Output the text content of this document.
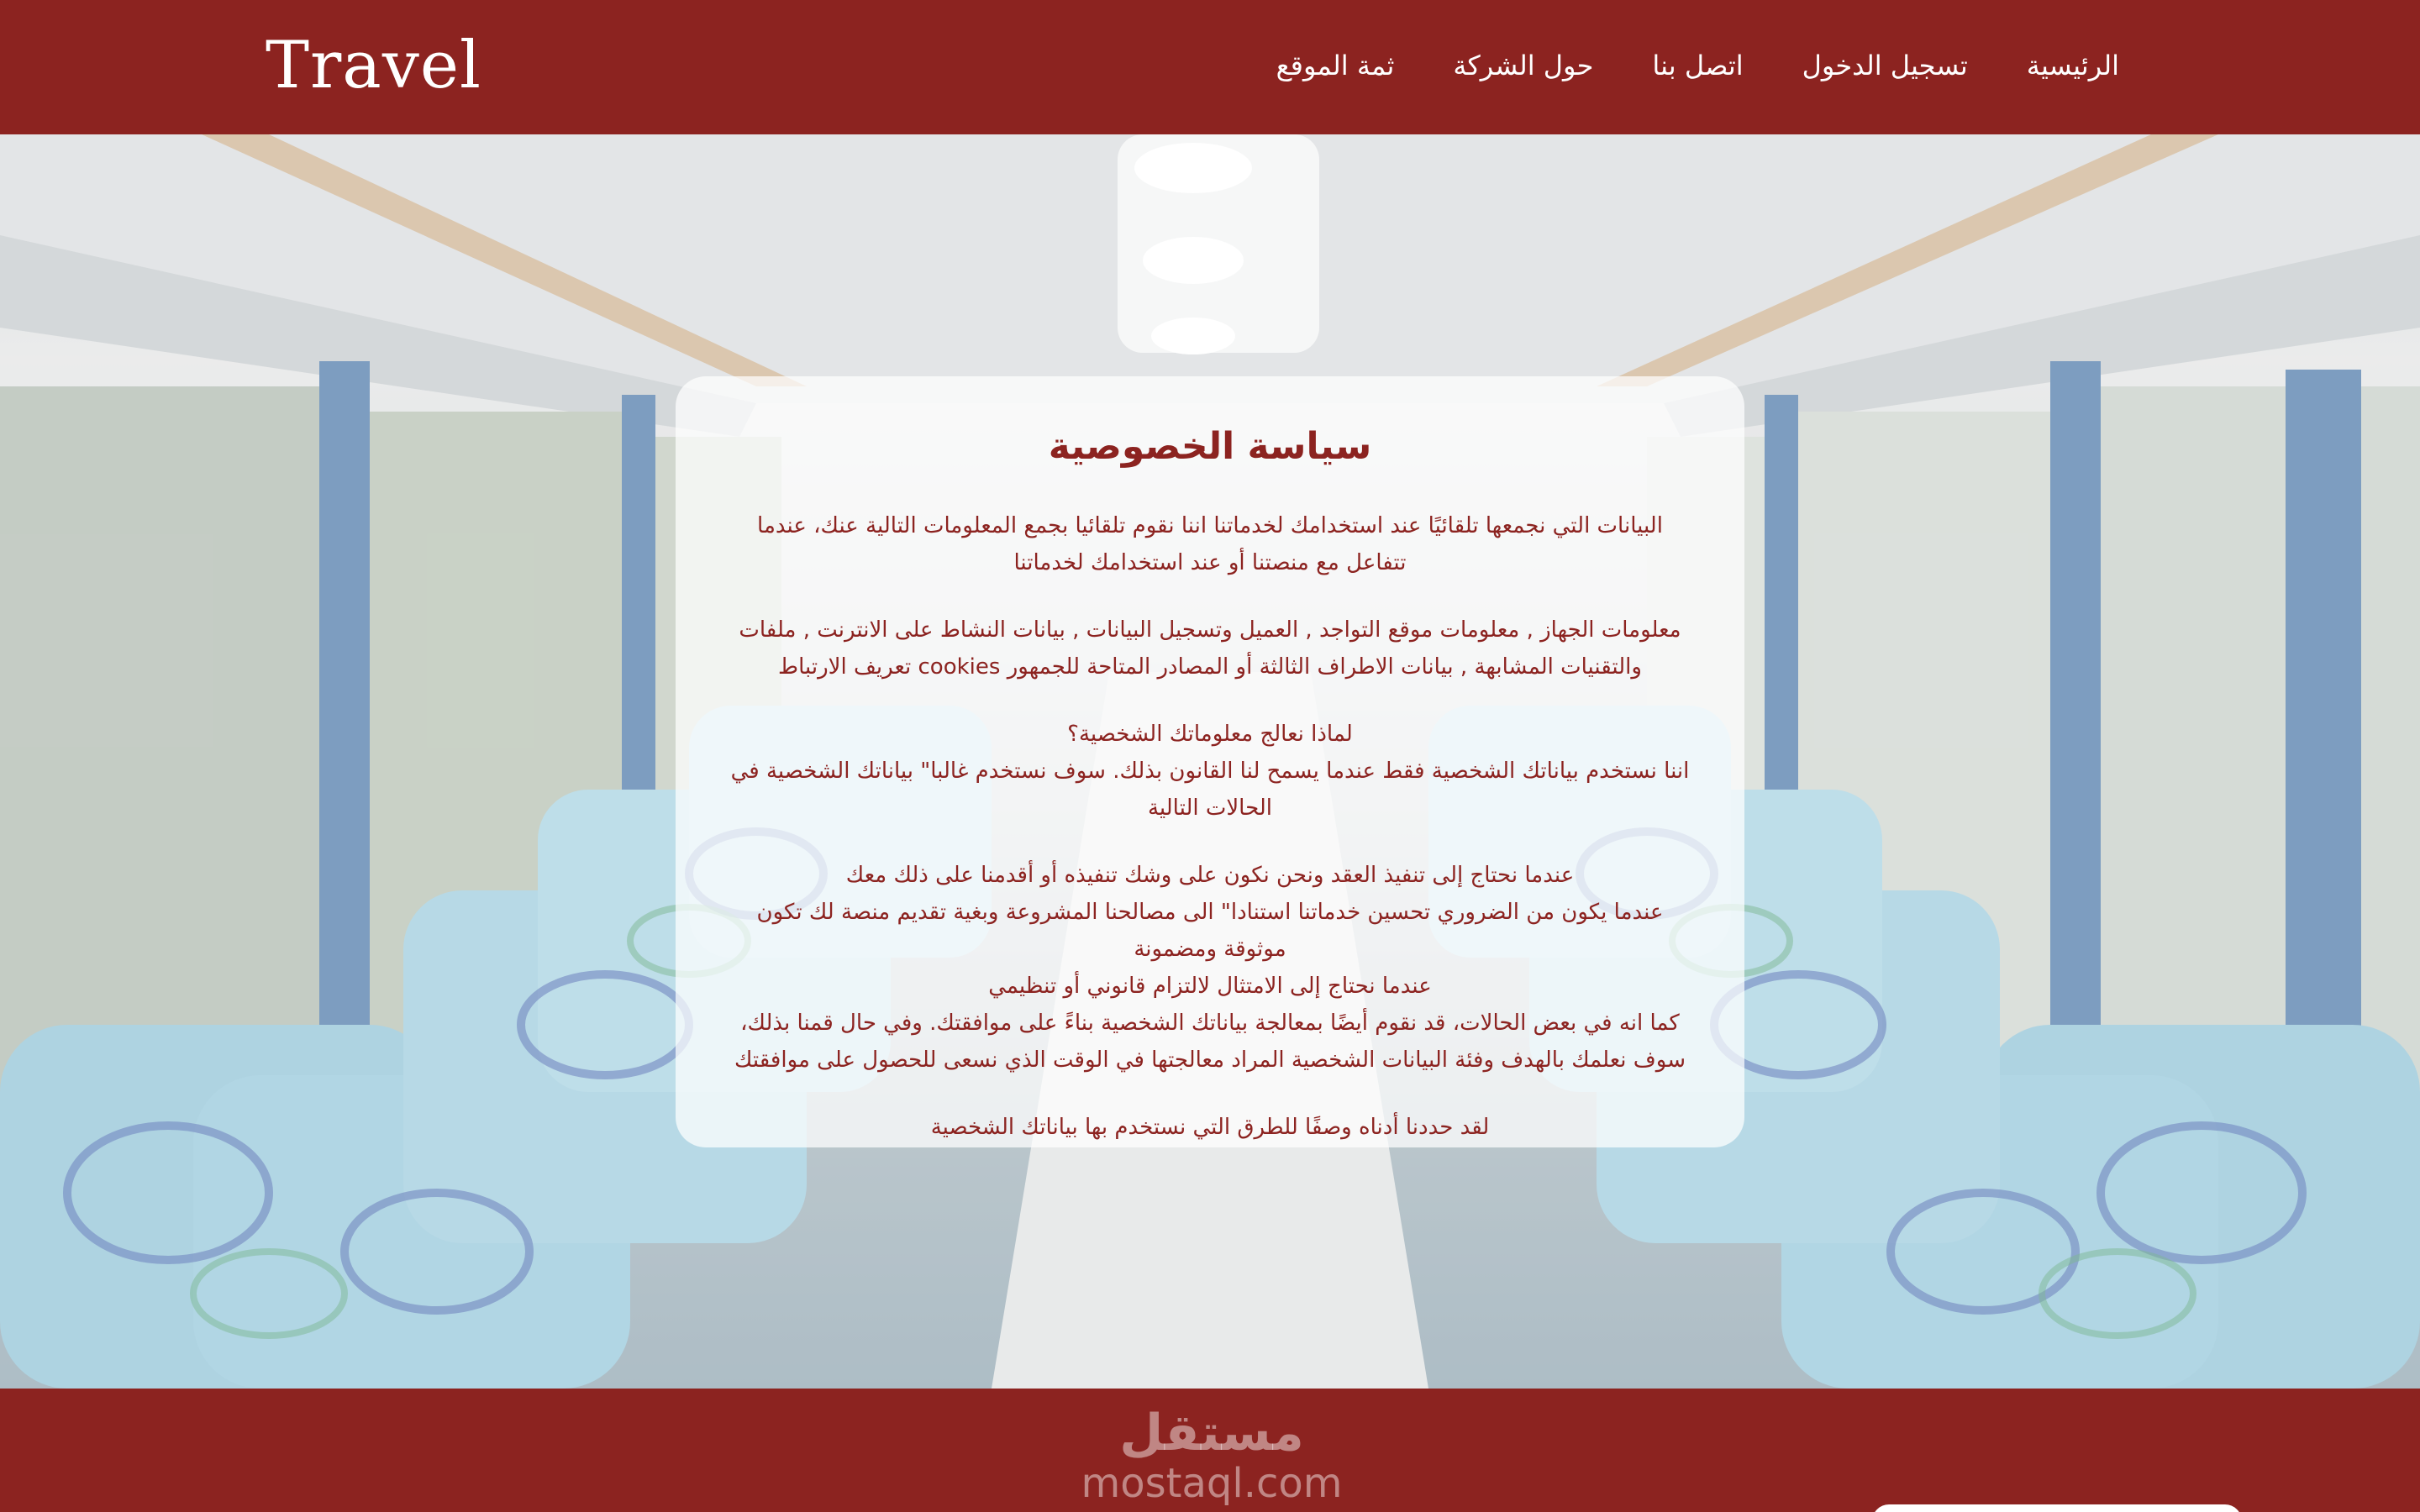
Travel	الرئيسية
تسجيل الدخول
اتصل بنا
حول الشركة
ثمة الموقع
سياسة الخصوصية

البيانات التي نجمعها تلقائيًا عند استخدامك لخدماتنا اننا نقوم تلقائيا بجمع المعلومات التالية عنك، عندما تتفاعل مع منصتنا أو عند استخدامك لخدماتنا

معلومات الجهاز , معلومات موقع التواجد , العميل وتسجيل البيانات , بيانات النشاط على الانترنت , ملفات والتقنيات المشابهة , بيانات الاطراف الثالثة أو المصادر المتاحة للجمهور cookies تعريف الارتباط

لماذا نعالج معلوماتك الشخصية؟

اننا نستخدم بياناتك الشخصية فقط عندما يسمح لنا القانون بذلك. سوف نستخدم غالبا" بياناتك الشخصية في الحالات التالية

عندما نحتاج إلى تنفيذ العقد ونحن نكون على وشك تنفيذه أو أقدمنا على ذلك معك

عندما يكون من الضروري تحسين خدماتنا استنادا" الى مصالحنا المشروعة وبغية تقديم منصة لك تكون موثوقة ومضمونة

عندما نحتاج إلى الامتثال لالتزام قانوني أو تنظيمي

كما انه في بعض الحالات، قد نقوم أيضًا بمعالجة بياناتك الشخصية بناءً على موافقتك. وفي حال قمنا بذلك، سوف نعلمك بالهدف وفئة البيانات الشخصية المراد معالجتها في الوقت الذي نسعى للحصول على موافقتك

لقد حددنا أدناه وصفًا للطرق التي نستخدم بها بياناتك الشخصية

مستقل
mostaql.com
